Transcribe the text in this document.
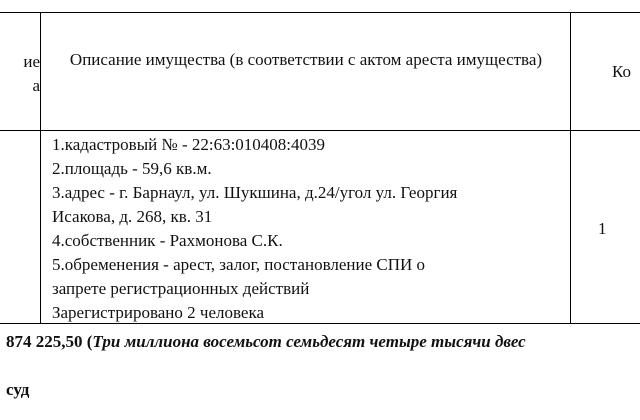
ие
а
Описание имущества (в соответствии с актом ареста имущества)
Ко
1.кадастровый № - 22:63:010408:4039
2.площадь - 59,6 кв.м.
3.адрес - г. Барнаул, ул. Шукшина, д.24/угол ул. Георгия
Исакова, д. 268, кв. 31
4.собственник - Рахмонова С.К.
5.обременения - арест, залог, постановление СПИ о
запрете регистрационных действий
Зарегистрировано 2 человека
1
874 225,50 (Три миллиона восемьсот семьдесят четыре тысячи двес
суд
